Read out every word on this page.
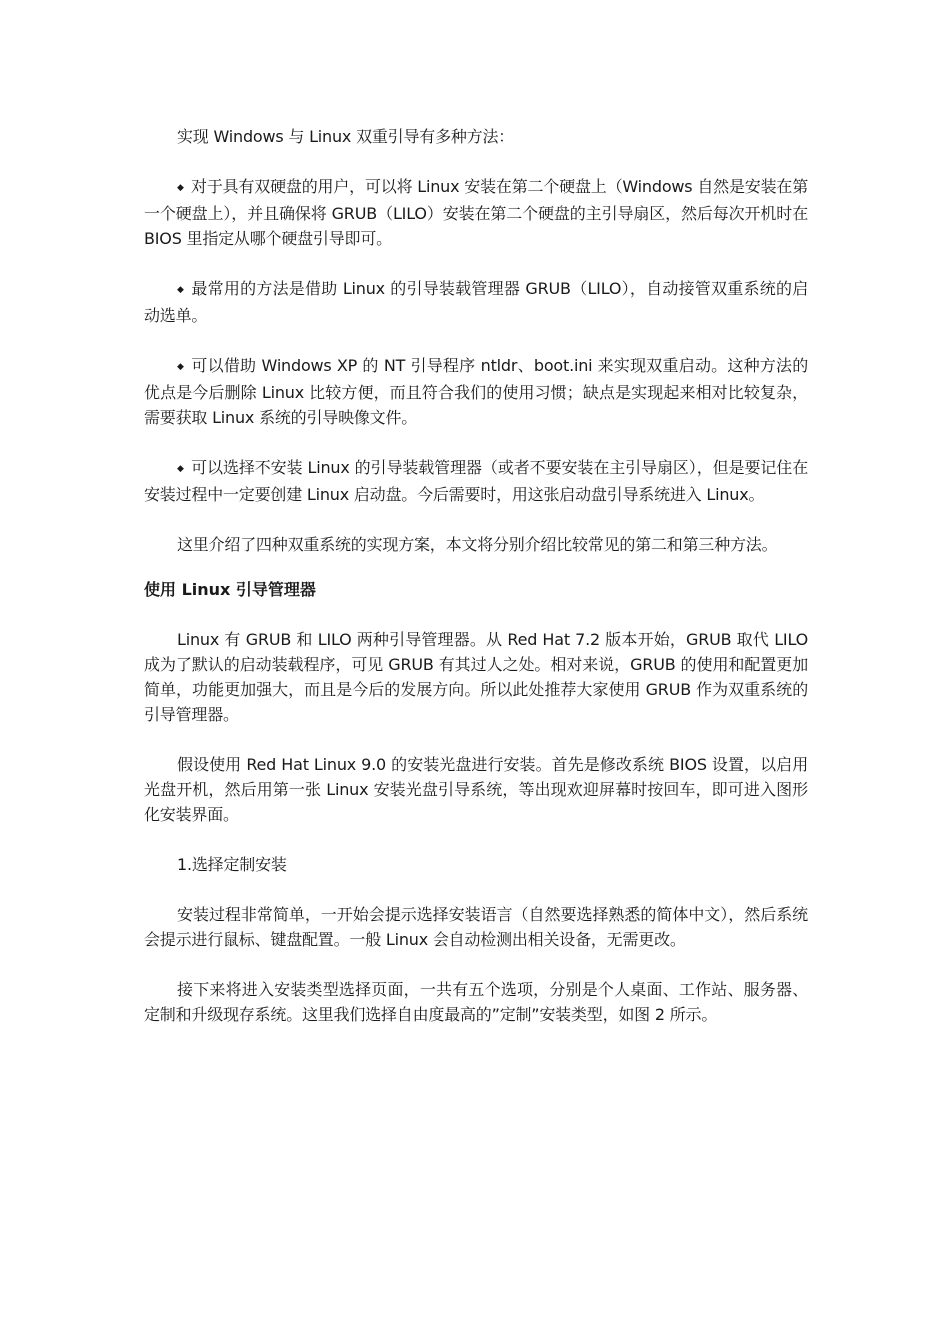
实现 Windows 与 Linux 双重引导有多种方法：

◆ 对于具有双硬盘的用户，可以将 Linux 安装在第二个硬盘上（Windows 自然是安装在第一个硬盘上），并且确保将 GRUB（LILO）安装在第二个硬盘的主引导扇区，然后每次开机时在 BIOS 里指定从哪个硬盘引导即可。

◆ 最常用的方法是借助 Linux 的引导装载管理器 GRUB（LILO），自动接管双重系统的启动选单。

◆ 可以借助 Windows XP 的 NT 引导程序 ntldr、boot.ini 来实现双重启动。这种方法的优点是今后删除 Linux 比较方便，而且符合我们的使用习惯；缺点是实现起来相对比较复杂，需要获取 Linux 系统的引导映像文件。

◆ 可以选择不安装 Linux 的引导装载管理器（或者不要安装在主引导扇区），但是要记住在安装过程中一定要创建 Linux 启动盘。今后需要时，用这张启动盘引导系统进入 Linux。

这里介绍了四种双重系统的实现方案，本文将分别介绍比较常见的第二和第三种方法。

使用 Linux 引导管理器

Linux 有 GRUB 和 LILO 两种引导管理器。从 Red Hat 7.2 版本开始，GRUB 取代 LILO 成为了默认的启动装载程序，可见 GRUB 有其过人之处。相对来说，GRUB 的使用和配置更加简单，功能更加强大，而且是今后的发展方向。所以此处推荐大家使用 GRUB 作为双重系统的引导管理器。

假设使用 Red Hat Linux 9.0 的安装光盘进行安装。首先是修改系统 BIOS 设置，以启用光盘开机，然后用第一张 Linux 安装光盘引导系统，等出现欢迎屏幕时按回车，即可进入图形化安装界面。

1.选择定制安装

安装过程非常简单，一开始会提示选择安装语言（自然要选择熟悉的简体中文），然后系统会提示进行鼠标、键盘配置。一般 Linux 会自动检测出相关设备，无需更改。

接下来将进入安装类型选择页面，一共有五个选项，分别是个人桌面、工作站、服务器、定制和升级现存系统。这里我们选择自由度最高的”定制”安装类型，如图 2 所示。
